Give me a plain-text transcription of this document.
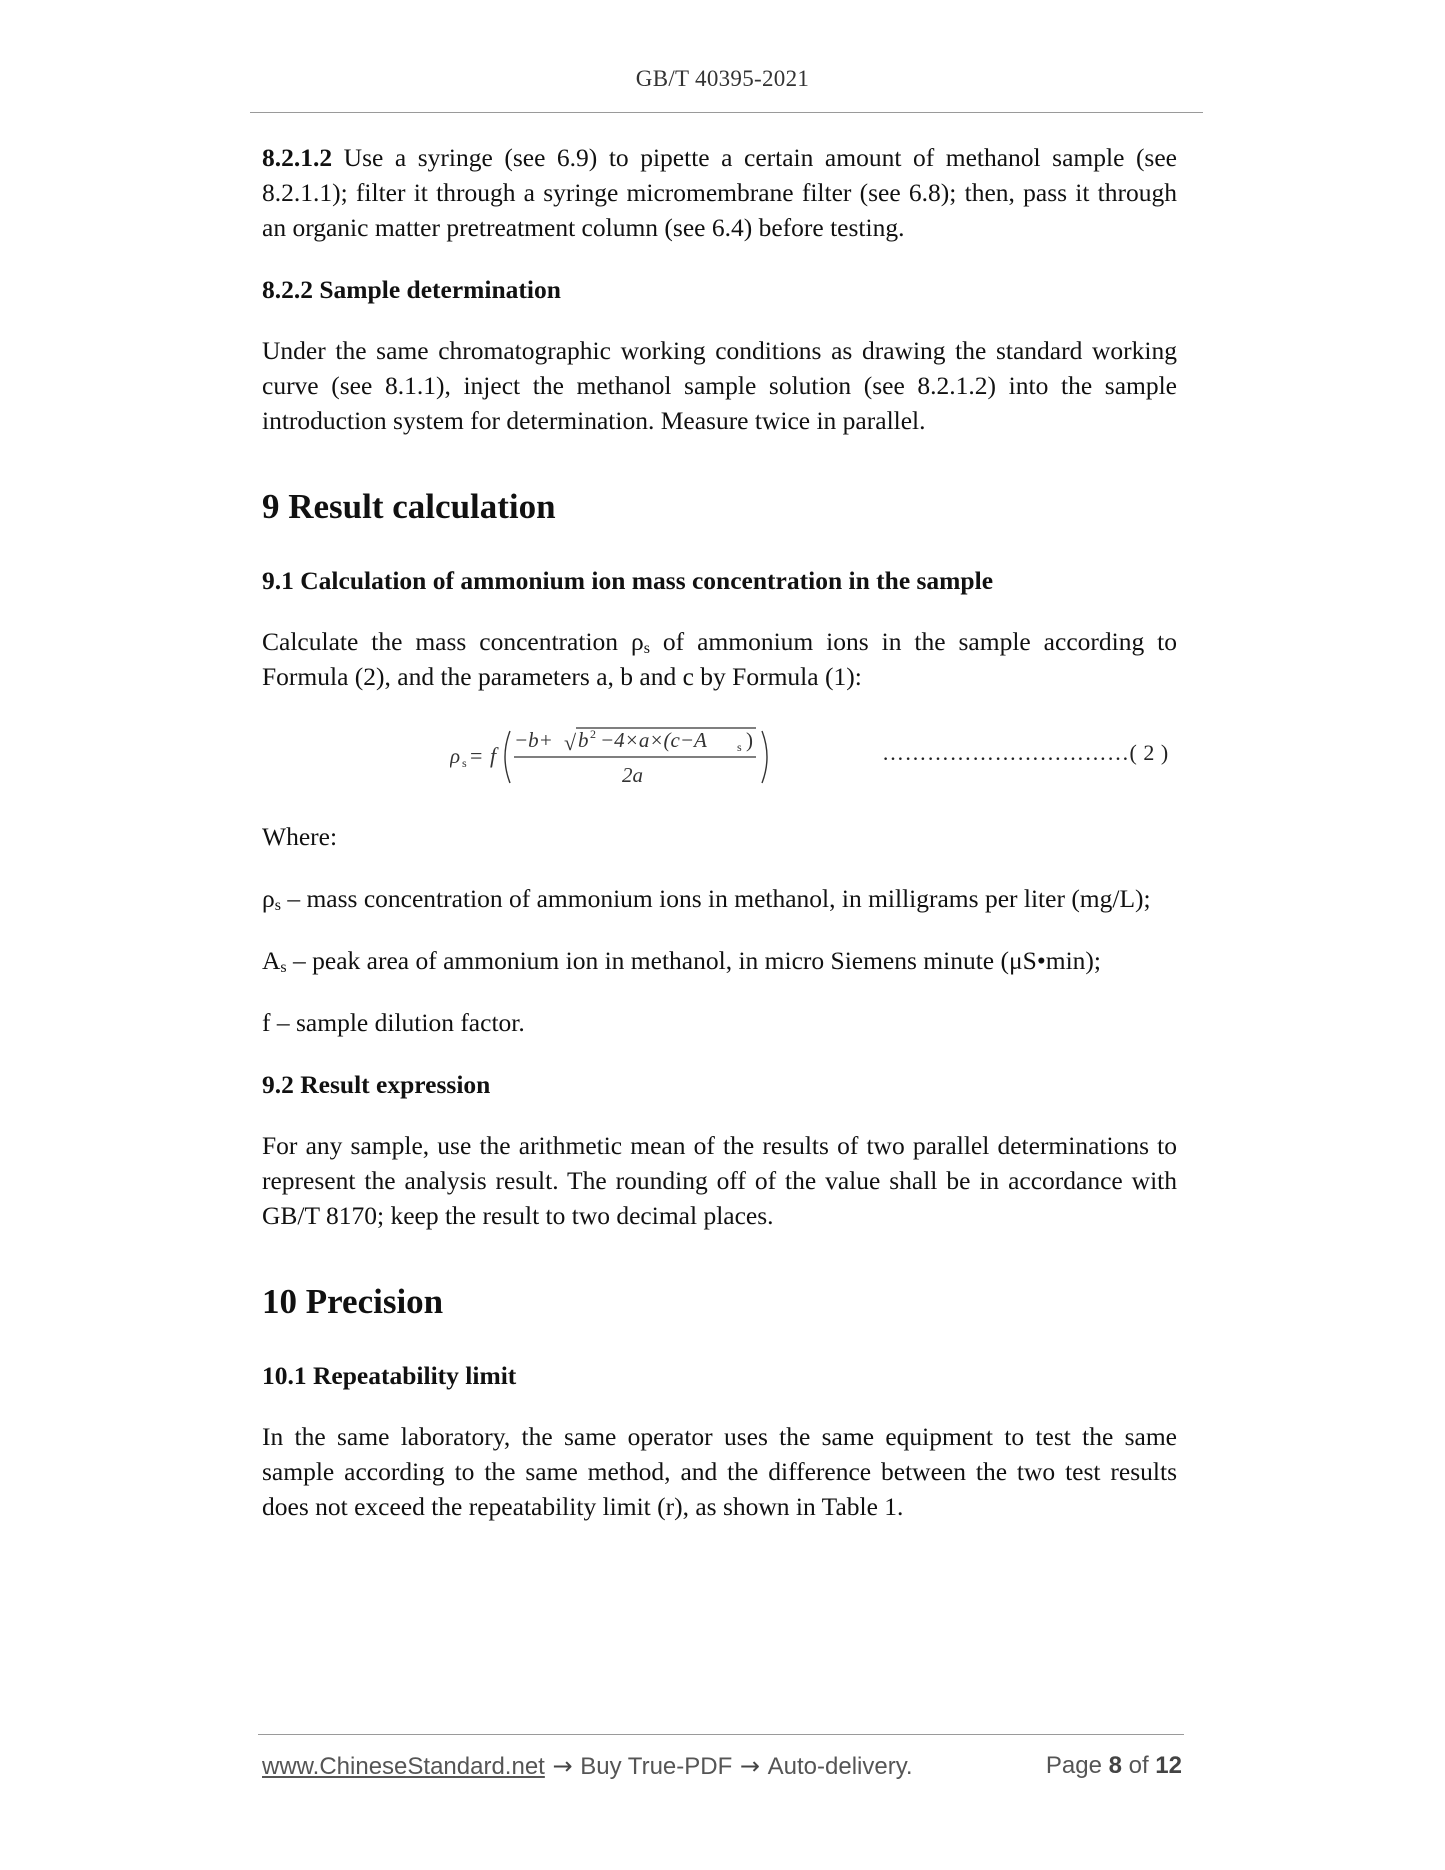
GB/T 40395-2021

8.2.1.2 Use a syringe (see 6.9) to pipette a certain amount of methanol sample (see 8.2.1.1); filter it through a syringe micromembrane filter (see 6.8); then, pass it through an organic matter pretreatment column (see 6.4) before testing.

8.2.2 Sample determination

Under the same chromatographic working conditions as drawing the standard working curve (see 8.1.1), inject the methanol sample solution (see 8.2.1.2) into the sample introduction system for determination. Measure twice in parallel.

9 Result calculation

9.1 Calculation of ammonium ion mass concentration in the sample

Calculate the mass concentration $\rho_s$ of ammonium ions in the sample according to Formula (2), and the parameters a, b and c by Formula (1):

ρ s = f
−b+ √ b 2 −4×a×(c−A	s )
2a
……………………………( 2 )

Where:

$\rho_s$ – mass concentration of ammonium ions in methanol, in milligrams per liter (mg/L);

$A_s$ – peak area of ammonium ion in methanol, in micro Siemens minute (μS•min);

f – sample dilution factor.

9.2 Result expression

For any sample, use the arithmetic mean of the results of two parallel determinations to represent the analysis result. The rounding off of the value shall be in accordance with GB/T 8170; keep the result to two decimal places.

10 Precision

10.1 Repeatability limit

In the same laboratory, the same operator uses the same equipment to test the same sample according to the same method, and the difference between the two test results does not exceed the repeatability limit (r), as shown in Table 1.

www.ChineseStandard.net → Buy True-PDF → Auto-delivery.	Page 8 of 12
